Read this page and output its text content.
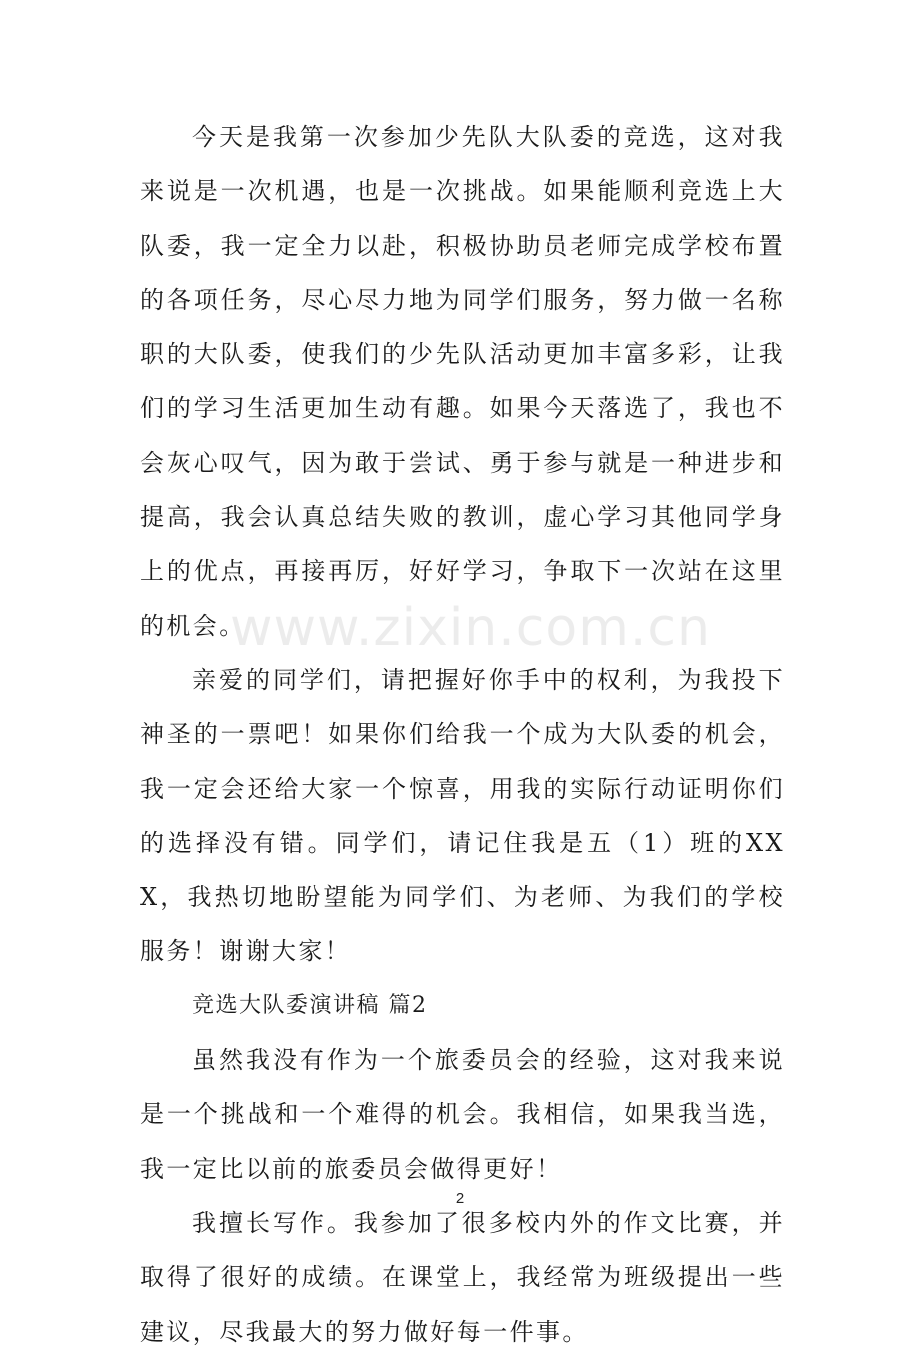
今天是我第一次参加少先队大队委的竞选，这对我来说是一次机遇，也是一次挑战。如果能顺利竞选上大队委，我一定全力以赴，积极协助员老师完成学校布置的各项任务，尽心尽力地为同学们服务，努力做一名称职的大队委，使我们的少先队活动更加丰富多彩，让我们的学习生活更加生动有趣。如果今天落选了，我也不会灰心叹气，因为敢于尝试、勇于参与就是一种进步和提高，我会认真总结失败的教训，虚心学习其他同学身上的优点，再接再厉，好好学习，争取下一次站在这里的机会。

亲爱的同学们，请把握好你手中的权利，为我投下神圣的一票吧！如果你们给我一个成为大队委的机会，我一定会还给大家一个惊喜，用我的实际行动证明你们的选择没有错。同学们，请记住我是五（1）班的XXX，我热切地盼望能为同学们、为老师、为我们的学校服务！谢谢大家！

竞选大队委演讲稿 篇2

虽然我没有作为一个旅委员会的经验，这对我来说是一个挑战和一个难得的机会。我相信，如果我当选，我一定比以前的旅委员会做得更好！

我擅长写作。我参加了很多校内外的作文比赛，并取得了很好的成绩。在课堂上，我经常为班级提出一些建议，尽我最大的努力做好每一件事。

www.zixin.com.cn
2
